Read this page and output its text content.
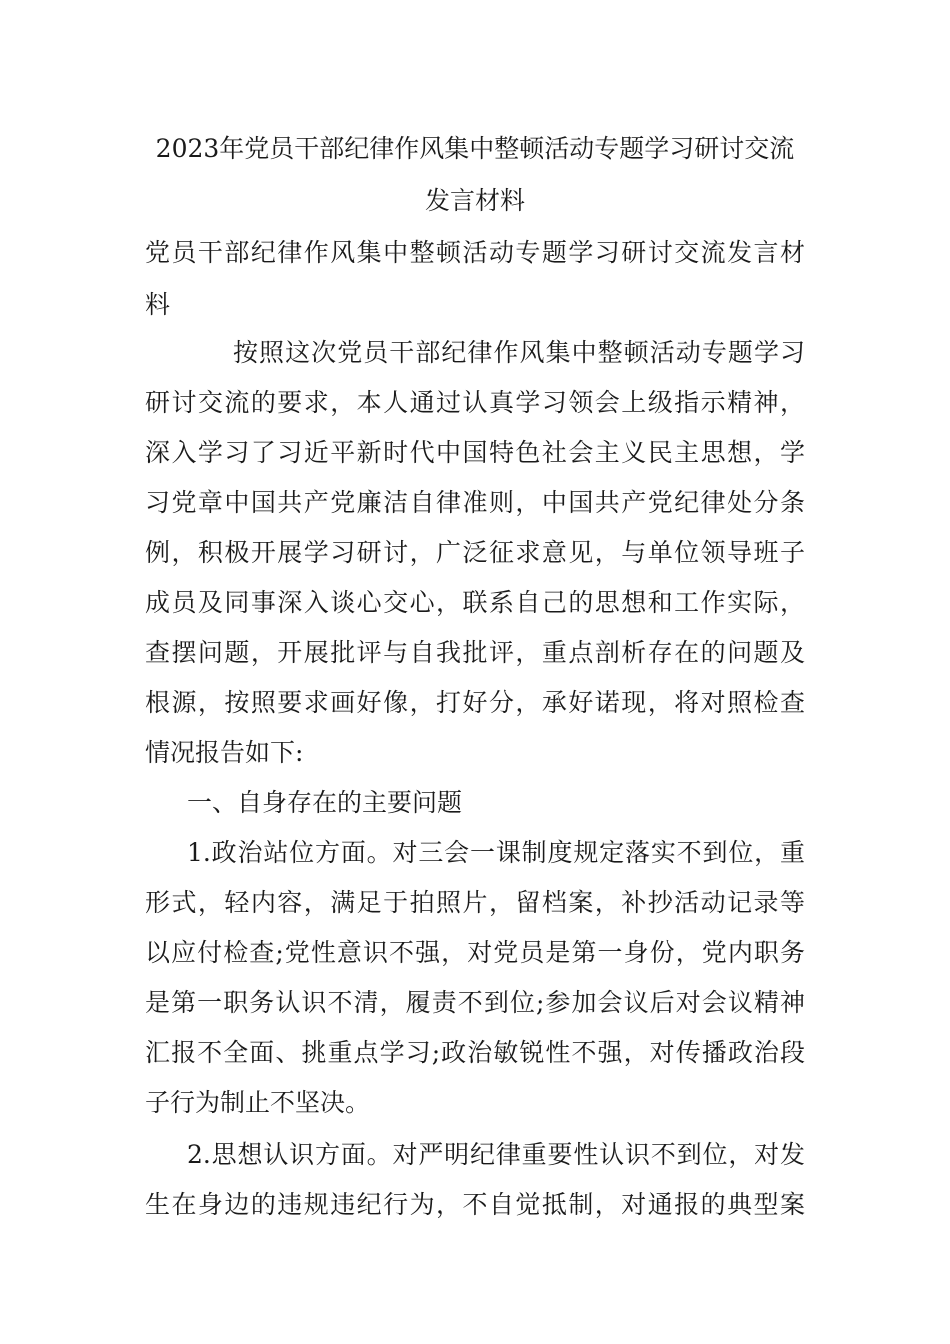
2023年党员干部纪律作风集中整顿活动专题学习研讨交流
发言材料
党员干部纪律作风集中整顿活动专题学习研讨交流发言材
料
按照这次党员干部纪律作风集中整顿活动专题学习
研讨交流的要求，本人通过认真学习领会上级指示精神，
深入学习了习近平新时代中国特色社会主义民主思想，学
习党章中国共产党廉洁自律准则，中国共产党纪律处分条
例，积极开展学习研讨，广泛征求意见，与单位领导班子
成员及同事深入谈心交心，联系自己的思想和工作实际，
查摆问题，开展批评与自我批评，重点剖析存在的问题及
根源，按照要求画好像，打好分，承好诺现，将对照检查
情况报告如下:
一、自身存在的主要问题
1.政治站位方面。对三会一课制度规定落实不到位，重
形式，轻内容，满足于拍照片，留档案，补抄活动记录等
以应付检查;党性意识不强，对党员是第一身份，党内职务
是第一职务认识不清，履责不到位;参加会议后对会议精神
汇报不全面、挑重点学习;政治敏锐性不强，对传播政治段
子行为制止不坚决。
2.思想认识方面。对严明纪律重要性认识不到位，对发
生在身边的违规违纪行为，不自觉抵制，对通报的典型案
